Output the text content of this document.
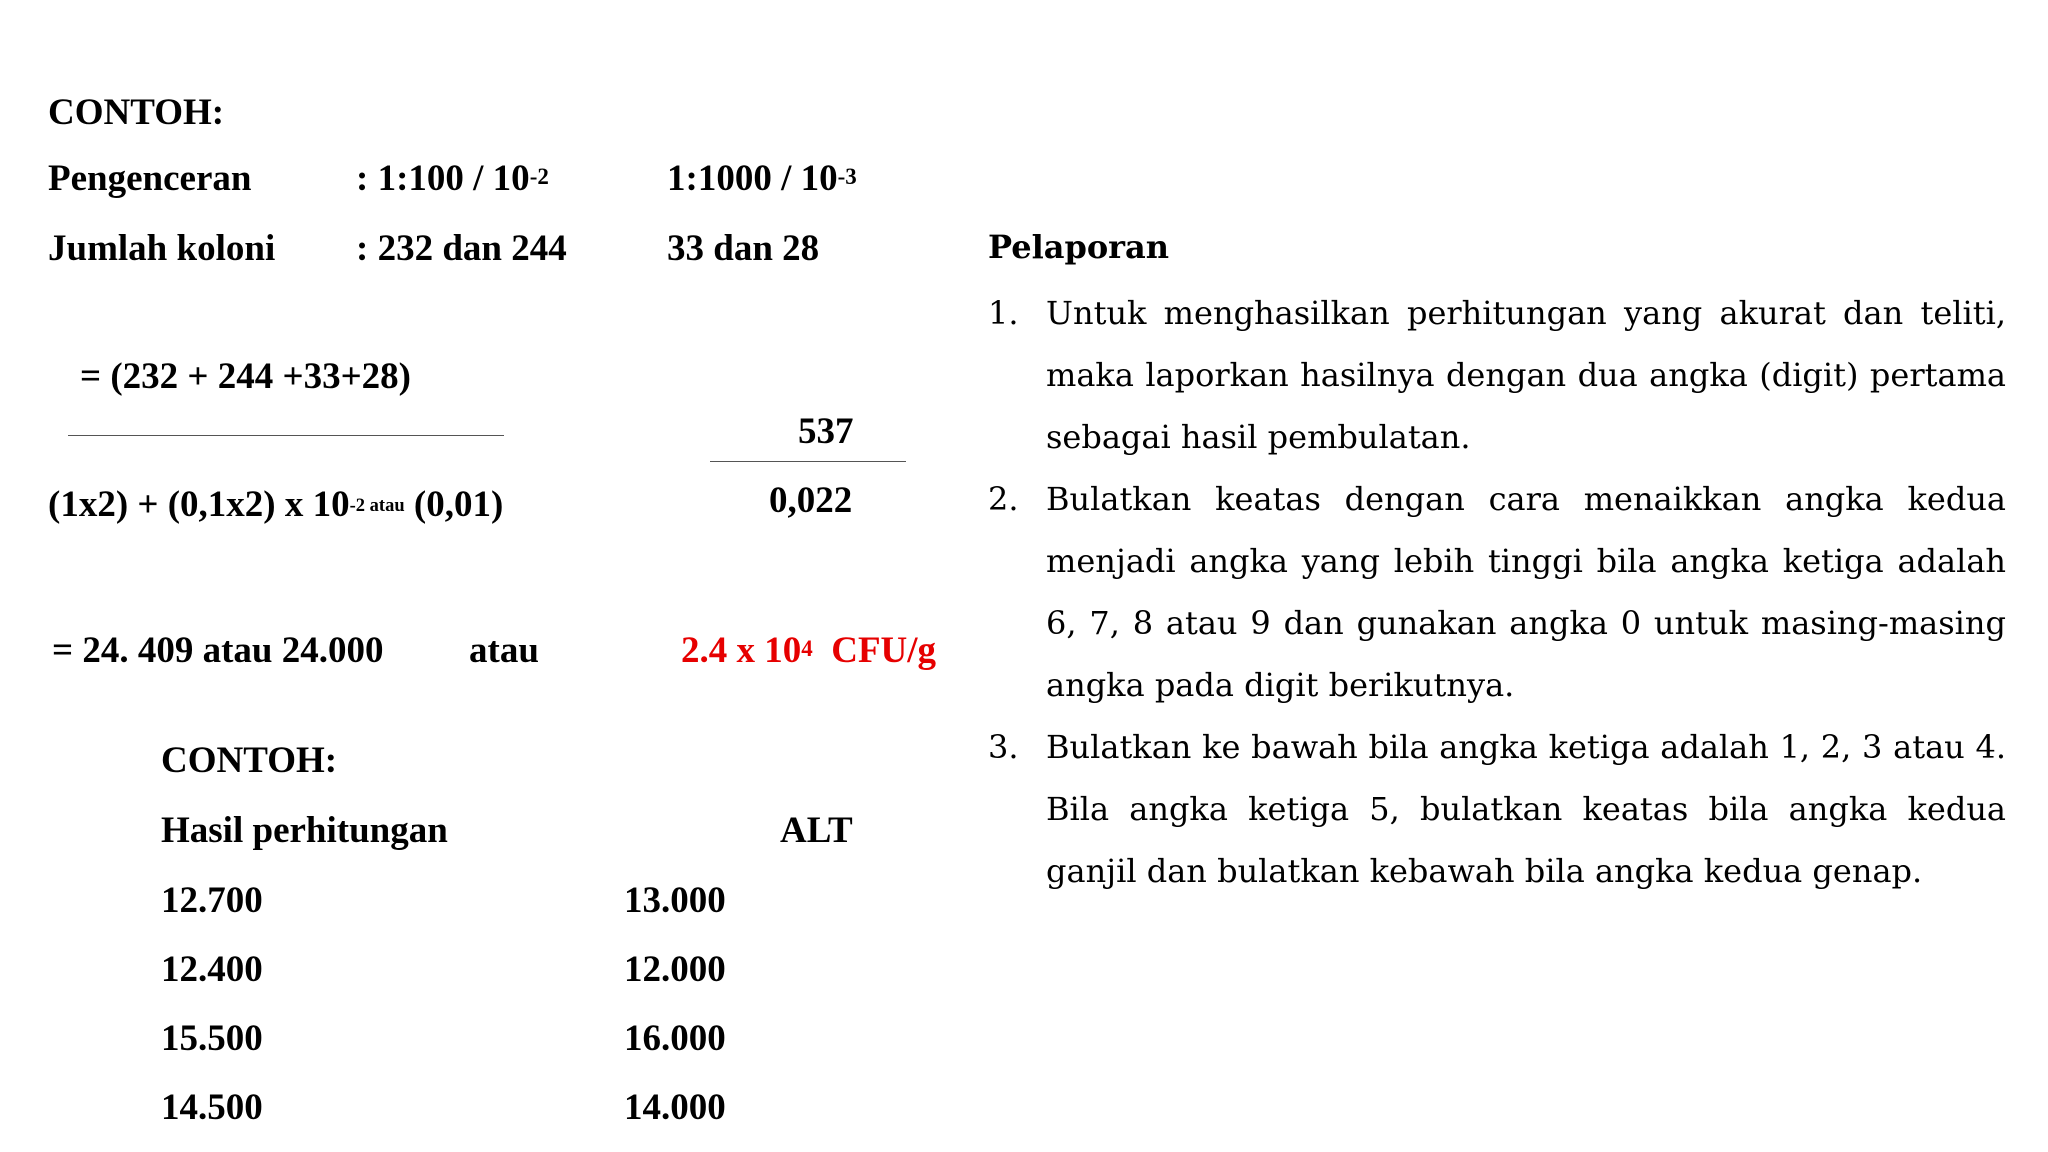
CONTOH:
Pengenceran	: 1:100 / $10^{-2}$	1:1000 / $10^{-3}$
Jumlah koloni : 232 dan 244	33 dan 28
= (232 + 244 +33+28)
(1x2) + (0,1x2) x $10^{-2 atau}$ (0,01)
537
0,022
= 24. 409 atau 24.000 atau	2.4 x $10^4$ CFU/g
CONTOH:
Hasil perhitungan	ALT
12.700	13.000
12.400	12.000
15.500	16.000
14.500	14.000
Pelaporan
1. Untuk menghasilkan perhitungan yang akurat dan teliti, maka laporkan hasilnya dengan dua angka (digit) pertama sebagai hasil pembulatan.
2. Bulatkan keatas dengan cara menaikkan angka kedua menjadi angka yang lebih tinggi bila angka ketiga adalah 6, 7, 8 atau 9 dan gunakan angka 0 untuk masing-masing angka pada digit berikutnya.
3. Bulatkan ke bawah bila angka ketiga adalah 1, 2, 3 atau 4. Bila angka ketiga 5, bulatkan keatas bila angka kedua ganjil dan bulatkan kebawah bila angka kedua genap.
